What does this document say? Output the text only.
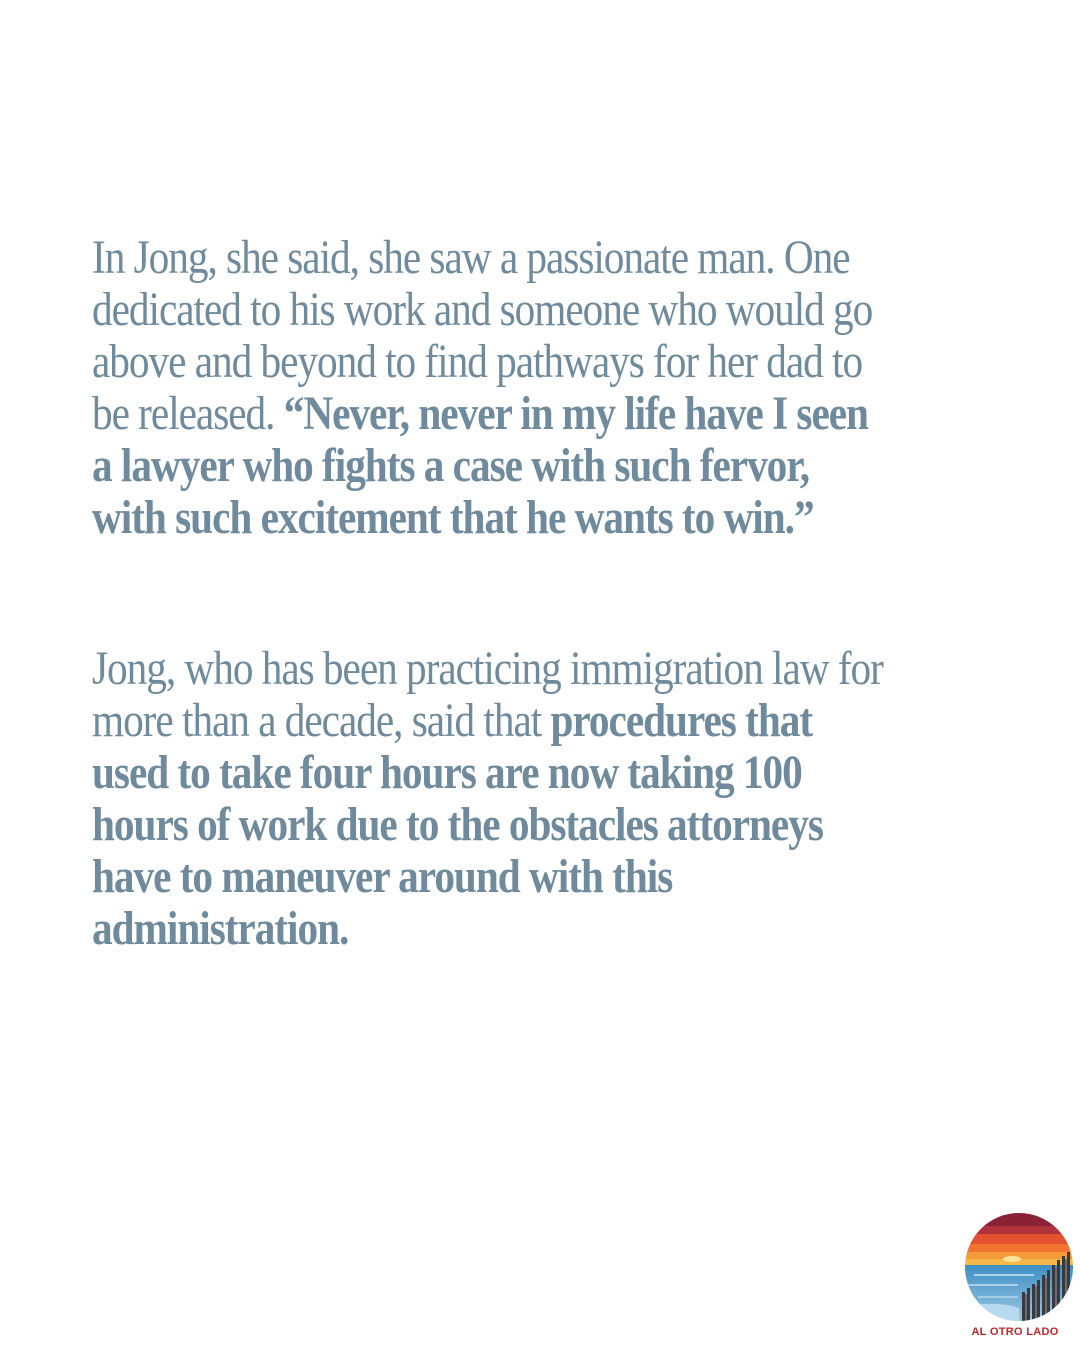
In Jong, she said, she saw a passionate man. One dedicated to his work and someone who would go above and beyond to find pathways for her dad to be released. “Never, never in my life have I seen a lawyer who fights a case with such fervor, with such excitement that he wants to win.”

Jong, who has been practicing immigration law for more than a decade, said that procedures that used to take four hours are now taking 100 hours of work due to the obstacles attorneys have to maneuver around with this administration.

AL OTRO LADO
